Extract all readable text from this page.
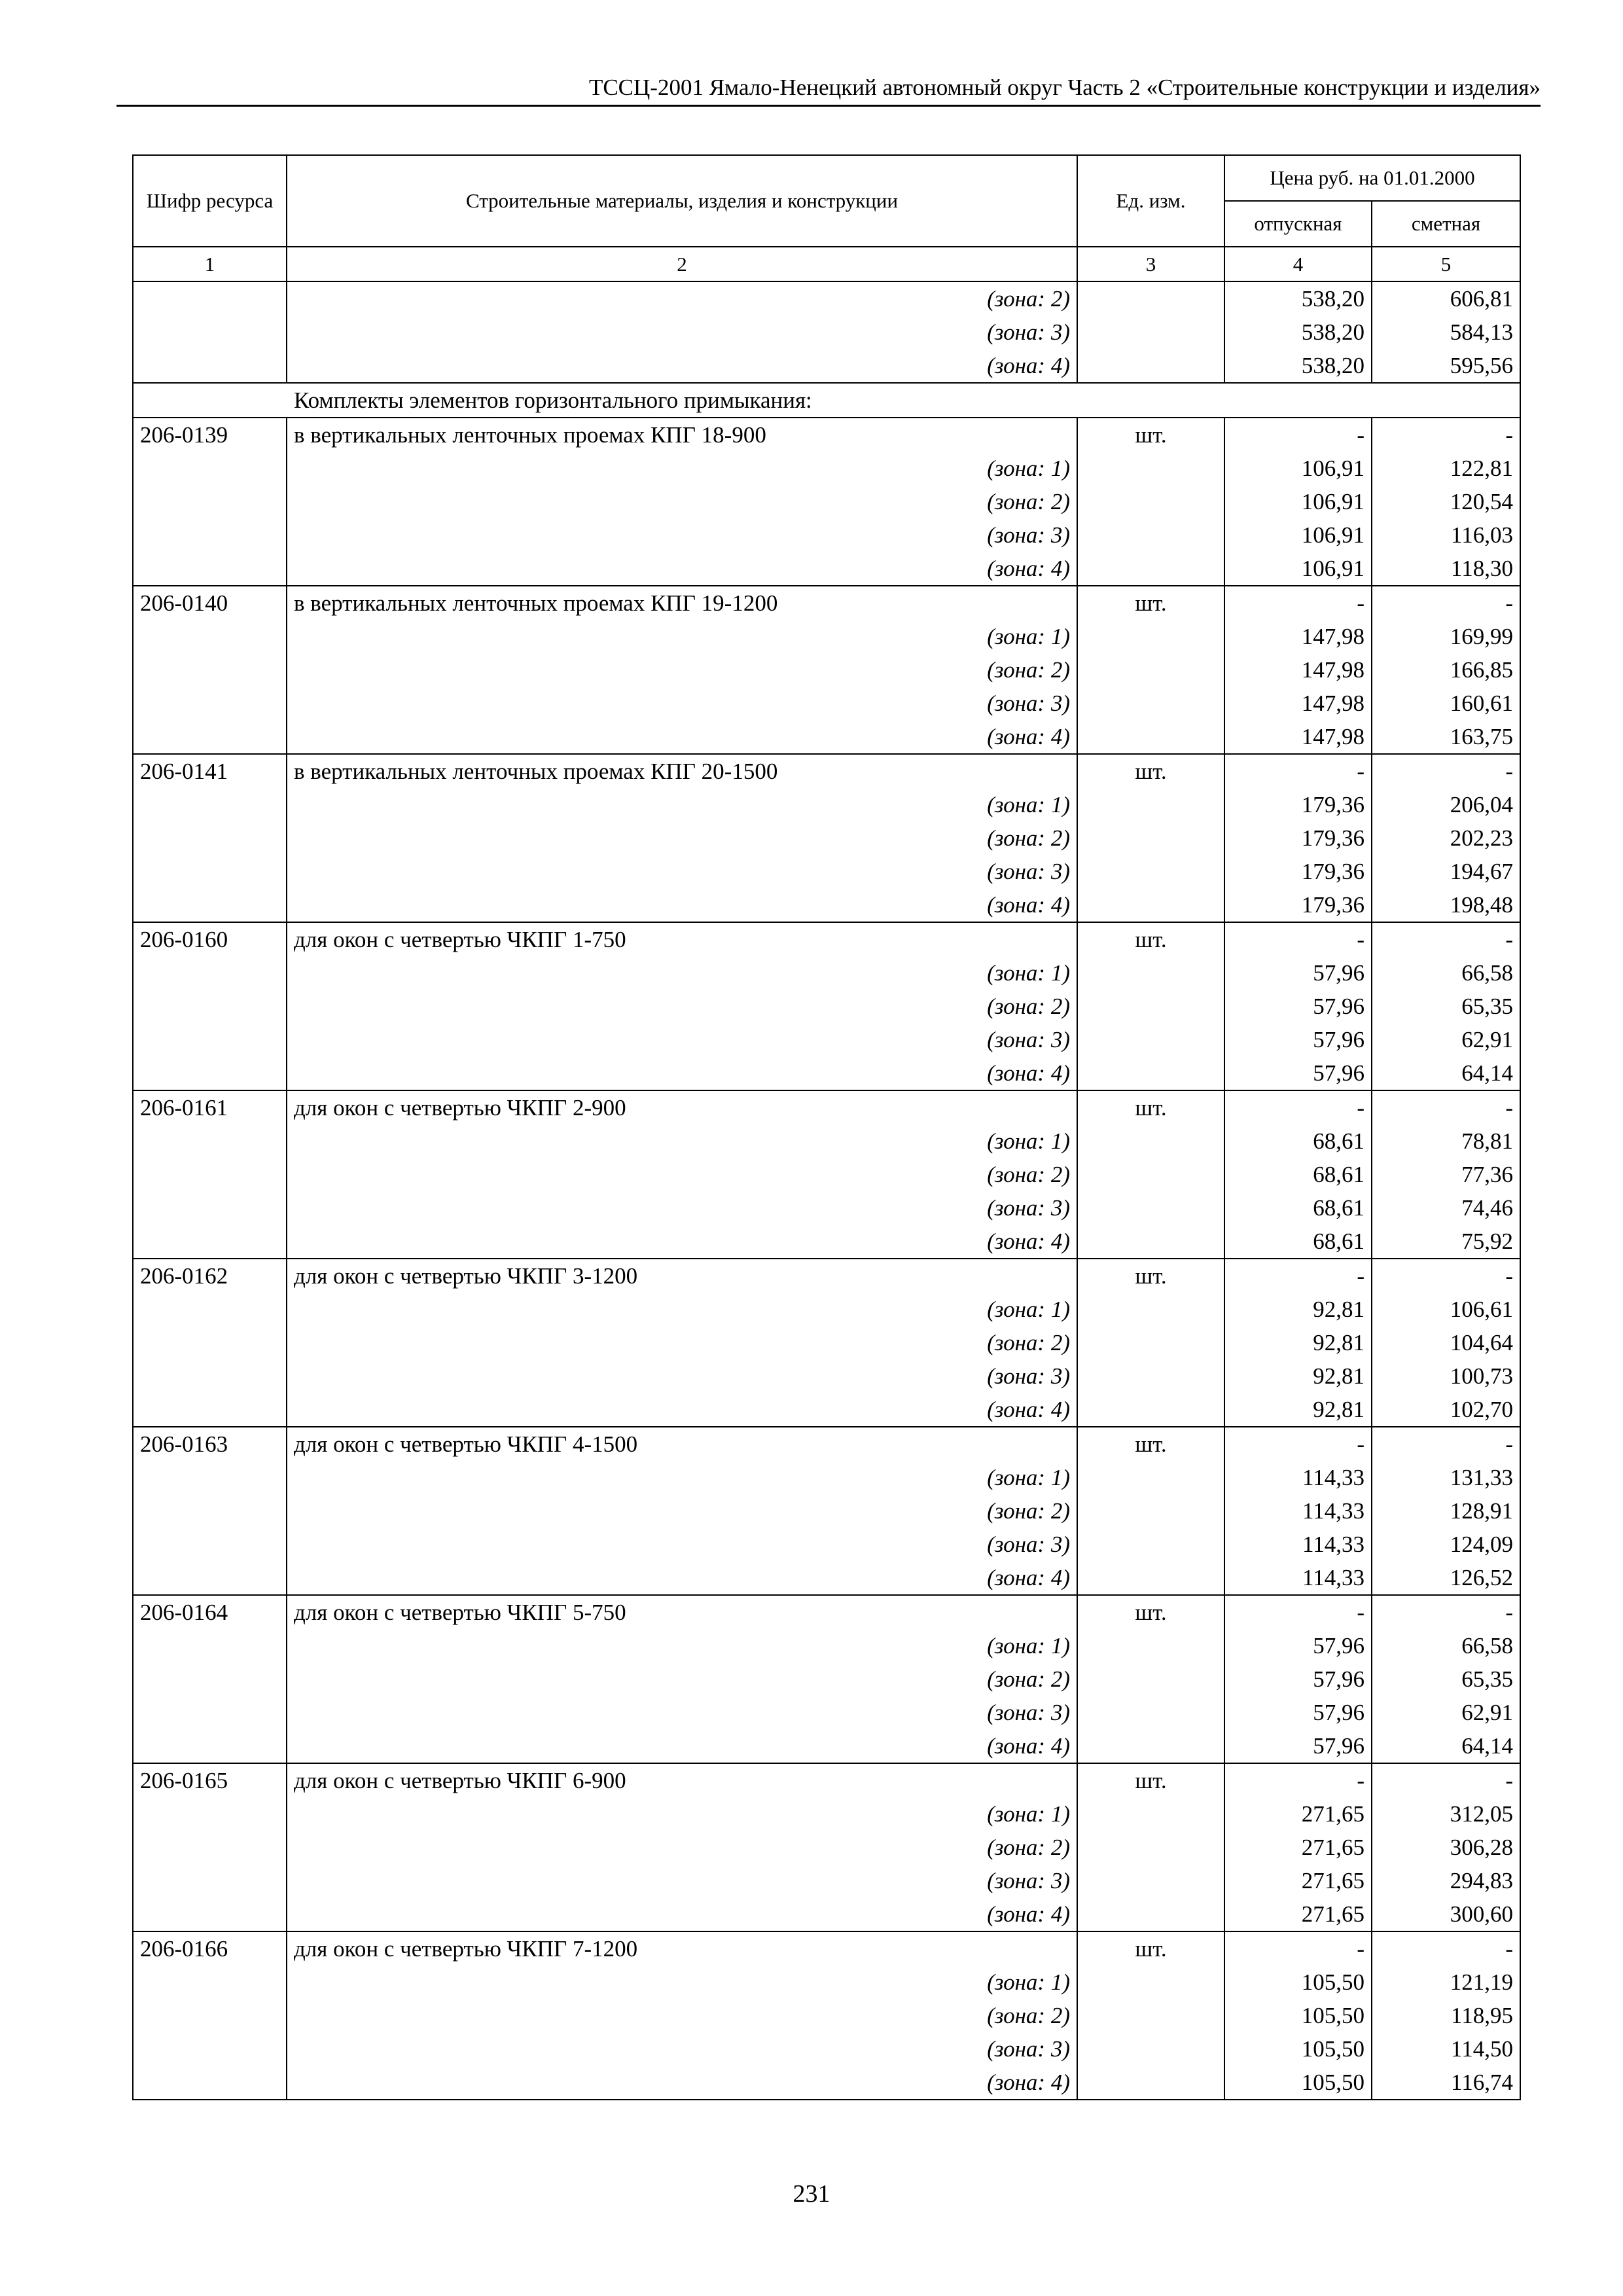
ТССЦ-2001 Ямало-Ненецкий автономный округ Часть 2 «Строительные конструкции и изделия»
Шифр ресурса	Строительные материалы, изделия и конструкции	Ед. изм.	Цена руб. на 01.01.2000	
			отпускная	сметная
1	2	3	4	5
	(зона: 2)		538,20	606,81
	(зона: 3)		538,20	584,13
	(зона: 4)		538,20	595,56
Комплекты элементов горизонтального примыкания:				
206-0139	в вертикальных ленточных проемах КПГ 18-900	шт.	-	-
	(зона: 1)		106,91	122,81
	(зона: 2)		106,91	120,54
	(зона: 3)		106,91	116,03
	(зона: 4)		106,91	118,30
206-0140	в вертикальных ленточных проемах КПГ 19-1200	шт.	-	-
	(зона: 1)		147,98	169,99
	(зона: 2)		147,98	166,85
	(зона: 3)		147,98	160,61
	(зона: 4)		147,98	163,75
206-0141	в вертикальных ленточных проемах КПГ 20-1500	шт.	-	-
	(зона: 1)		179,36	206,04
	(зона: 2)		179,36	202,23
	(зона: 3)		179,36	194,67
	(зона: 4)		179,36	198,48
206-0160	для окон с четвертью ЧКПГ 1-750	шт.	-	-
	(зона: 1)		57,96	66,58
	(зона: 2)		57,96	65,35
	(зона: 3)		57,96	62,91
	(зона: 4)		57,96	64,14
206-0161	для окон с четвертью ЧКПГ 2-900	шт.	-	-
	(зона: 1)		68,61	78,81
	(зона: 2)		68,61	77,36
	(зона: 3)		68,61	74,46
	(зона: 4)		68,61	75,92
206-0162	для окон с четвертью ЧКПГ 3-1200	шт.	-	-
	(зона: 1)		92,81	106,61
	(зона: 2)		92,81	104,64
	(зона: 3)		92,81	100,73
	(зона: 4)		92,81	102,70
206-0163	для окон с четвертью ЧКПГ 4-1500	шт.	-	-
	(зона: 1)		114,33	131,33
	(зона: 2)		114,33	128,91
	(зона: 3)		114,33	124,09
	(зона: 4)		114,33	126,52
206-0164	для окон с четвертью ЧКПГ 5-750	шт.	-	-
	(зона: 1)		57,96	66,58
	(зона: 2)		57,96	65,35
	(зона: 3)		57,96	62,91
	(зона: 4)		57,96	64,14
206-0165	для окон с четвертью ЧКПГ 6-900	шт.	-	-
	(зона: 1)		271,65	312,05
	(зона: 2)		271,65	306,28
	(зона: 3)		271,65	294,83
	(зона: 4)		271,65	300,60
206-0166	для окон с четвертью ЧКПГ 7-1200	шт.	-	-
	(зона: 1)		105,50	121,19
	(зона: 2)		105,50	118,95
	(зона: 3)		105,50	114,50
	(зона: 4)		105,50	116,74
231
